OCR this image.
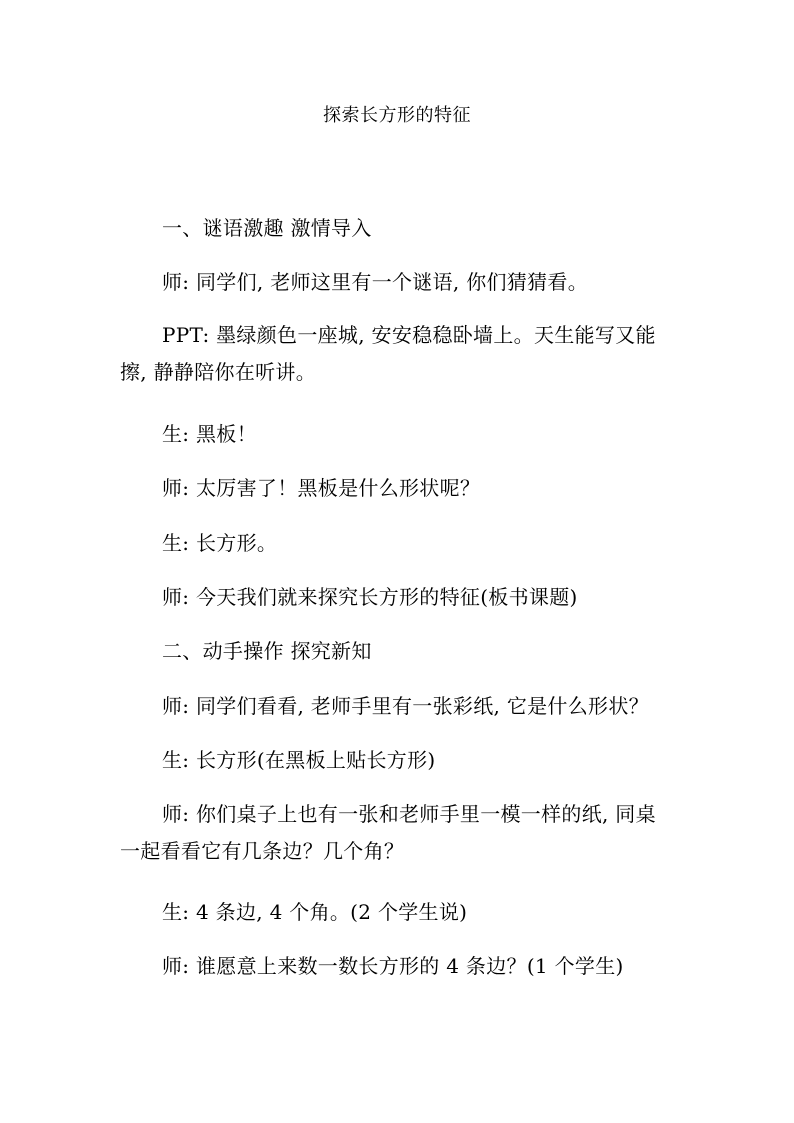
探索长方形的特征
一、谜语激趣 激情导入
师: 同学们, 老师这里有一个谜语, 你们猜猜看。
PPT: 墨绿颜色一座城, 安安稳稳卧墙上。天生能写又能擦, 静静陪你在听讲。
生: 黑板！
师: 太厉害了！黑板是什么形状呢？
生: 长方形。
师: 今天我们就来探究长方形的特征(板书课题)
二、动手操作 探究新知
师: 同学们看看, 老师手里有一张彩纸, 它是什么形状？
生: 长方形(在黑板上贴长方形)
师: 你们桌子上也有一张和老师手里一模一样的纸, 同桌一起看看它有几条边？几个角？
生: 4 条边, 4 个角。(2 个学生说)
师: 谁愿意上来数一数长方形的 4 条边？(1 个学生)
